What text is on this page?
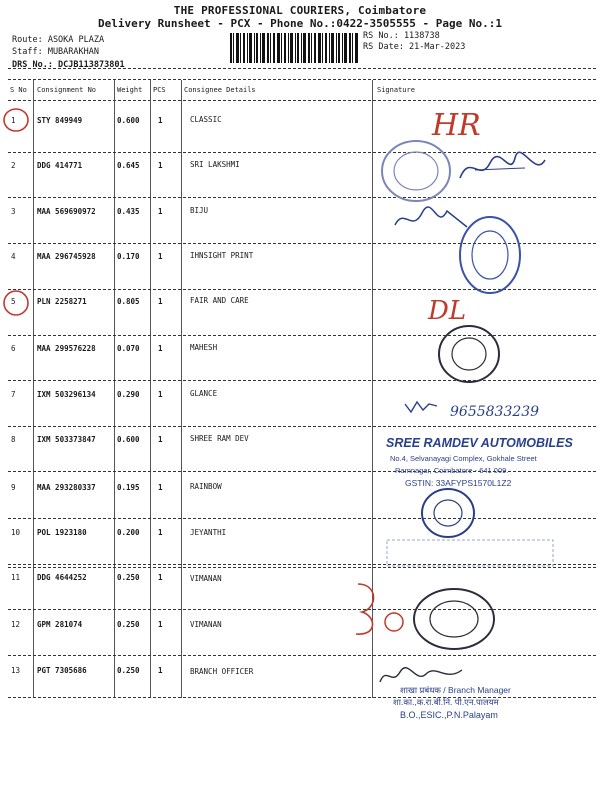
THE PROFESSIONAL COURIERS, Coimbatore
Delivery Runsheet - PCX - Phone No.:0422-3505555 - Page No.:1
Route: ASOKA PLAZA
Staff: MUBARAKHAN
DRS No.: DCJB113873801
RS No.: 1138738
RS Date: 21-Mar-2023
S No Consignment No	Weight PCS	Consignee Details	Signature
1	STY 849949	0.600 1	CLASSIC
2	DDG 414771	0.645 1	SRI LAKSHMI
3	MAA 569690972	0.435 1	BIJU
4	MAA 296745928	0.170 1	IHNSIGHT PRINT
5	PLN 2258271	0.805 1	FAIR AND CARE
6	MAA 299576228	0.070 1	MAHESH
7	IXM 503296134	0.290 1	GLANCE
8	IXM 503373847	0.600 1	SHREE RAM DEV
9	MAA 293280337	0.195 1	RAINBOW
10 POL 1923180	0.200 1	JEYANTHI
11 DDG 4644252	0.250 1	VIMANAN
12 GPM 281074	0.250 1	VIMANAN
13 PGT 7305686	0.250 1	BRANCH OFFICER
HR
DL
9655833239
SREE RAMDEV AUTOMOBILES
No.4, Selvanayagi Complex, Gokhale Street
Ramnagar, Coimbatore - 641 009.
GSTIN: 33AFYPS1570L1Z2
शाखा प्रबंधक / Branch Manager
शा.का.,क.रा.बी.नि. पी.एन.पालयम
B.O.,ESIC.,P.N.Palayam
